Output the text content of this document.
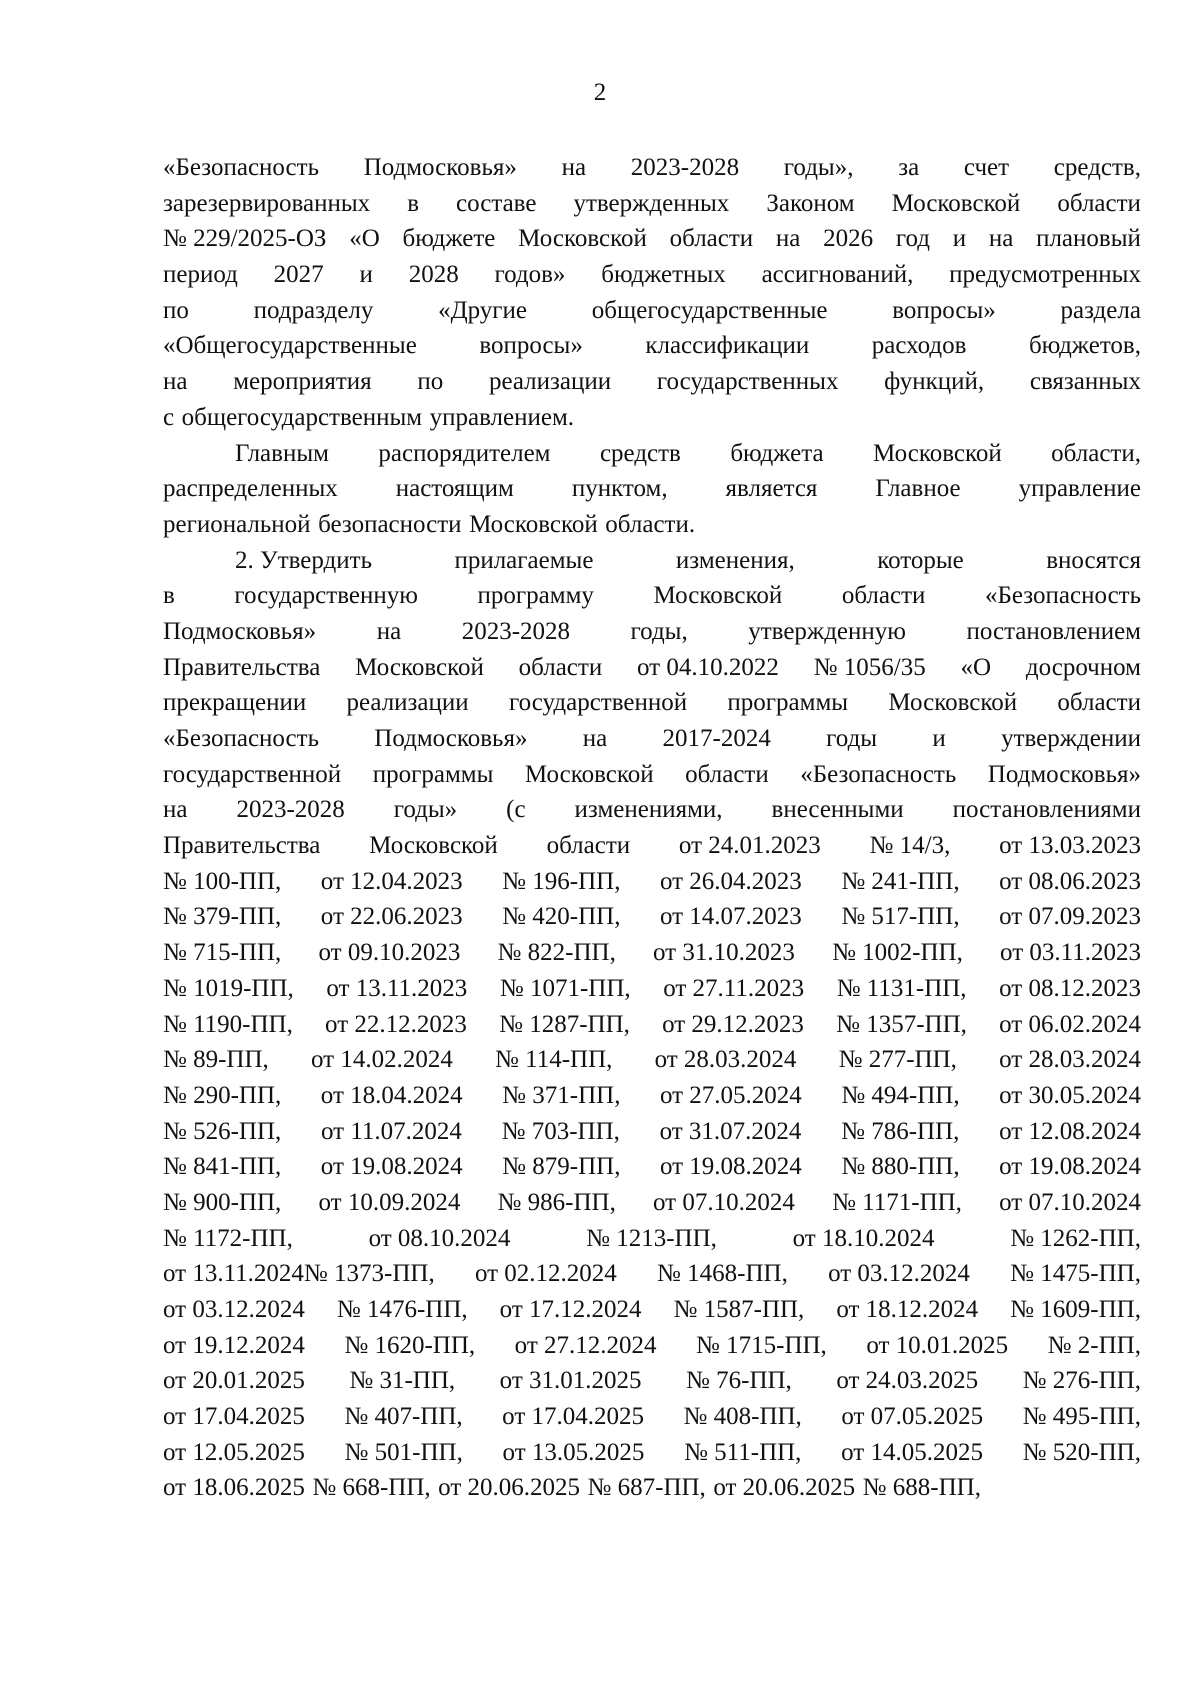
2
«Безопасность Подмосковья» на 2023-2028 годы», за счет средств,
зарезервированных в составе утвержденных Законом Московской области
№ 229/2025-ОЗ «О бюджете Московской области на 2026 год и на плановый
период 2027 и 2028 годов» бюджетных ассигнований, предусмотренных
по	подразделу	«Другие	общегосударственные	вопросы»	раздела
«Общегосударственные	вопросы»	классификации	расходов	бюджетов,
на мероприятия по реализации государственных функций, связанных
с общегосударственным управлением.
Главным распорядителем средств бюджета Московской области,
распределенных настоящим пунктом, является Главное управление
региональной безопасности Московской области.
2. Утвердить	прилагаемые	изменения,	которые	вносятся
в государственную программу Московской области «Безопасность
Подмосковья» на 2023-2028 годы, утвержденную постановлением
Правительства Московской области от 04.10.2022 № 1056/35 «О досрочном
прекращении реализации государственной программы Московской области
«Безопасность Подмосковья» на 2017-2024 годы и утверждении
государственной программы Московской области «Безопасность Подмосковья»
на 2023-2028 годы» (с изменениями, внесенными постановлениями
Правительства Московской области от 24.01.2023 № 14/3, от 13.03.2023
№ 100-ПП, от 12.04.2023 № 196-ПП, от 26.04.2023 № 241-ПП, от 08.06.2023
№ 379-ПП, от 22.06.2023 № 420-ПП, от 14.07.2023 № 517-ПП, от 07.09.2023
№ 715-ПП, от 09.10.2023 № 822-ПП, от 31.10.2023 № 1002-ПП, от 03.11.2023
№ 1019-ПП, от 13.11.2023 № 1071-ПП, от 27.11.2023 № 1131-ПП, от 08.12.2023
№ 1190-ПП, от 22.12.2023 № 1287-ПП, от 29.12.2023 № 1357-ПП, от 06.02.2024
№ 89-ПП, от 14.02.2024 № 114-ПП, от 28.03.2024 № 277-ПП, от 28.03.2024
№ 290-ПП, от 18.04.2024 № 371-ПП, от 27.05.2024 № 494-ПП, от 30.05.2024
№ 526-ПП, от 11.07.2024 № 703-ПП, от 31.07.2024 № 786-ПП, от 12.08.2024
№ 841-ПП, от 19.08.2024 № 879-ПП, от 19.08.2024 № 880-ПП, от 19.08.2024
№ 900-ПП, от 10.09.2024 № 986-ПП, от 07.10.2024 № 1171-ПП, от 07.10.2024
№ 1172-ПП,	от 08.10.2024	№ 1213-ПП,	от 18.10.2024	№ 1262-ПП,
от 13.11.2024№ 1373-ПП, от 02.12.2024 № 1468-ПП, от 03.12.2024 № 1475-ПП,
от 03.12.2024 № 1476-ПП, от 17.12.2024 № 1587-ПП, от 18.12.2024 № 1609-ПП,
от 19.12.2024 № 1620-ПП, от 27.12.2024 № 1715-ПП, от 10.01.2025 № 2-ПП,
от 20.01.2025 № 31-ПП, от 31.01.2025 № 76-ПП, от 24.03.2025 № 276-ПП,
от 17.04.2025 № 407-ПП, от 17.04.2025 № 408-ПП, от 07.05.2025 № 495-ПП,
от 12.05.2025 № 501-ПП, от 13.05.2025 № 511-ПП, от 14.05.2025 № 520-ПП,
от 18.06.2025 № 668-ПП, от 20.06.2025 № 687-ПП, от 20.06.2025 № 688-ПП,
